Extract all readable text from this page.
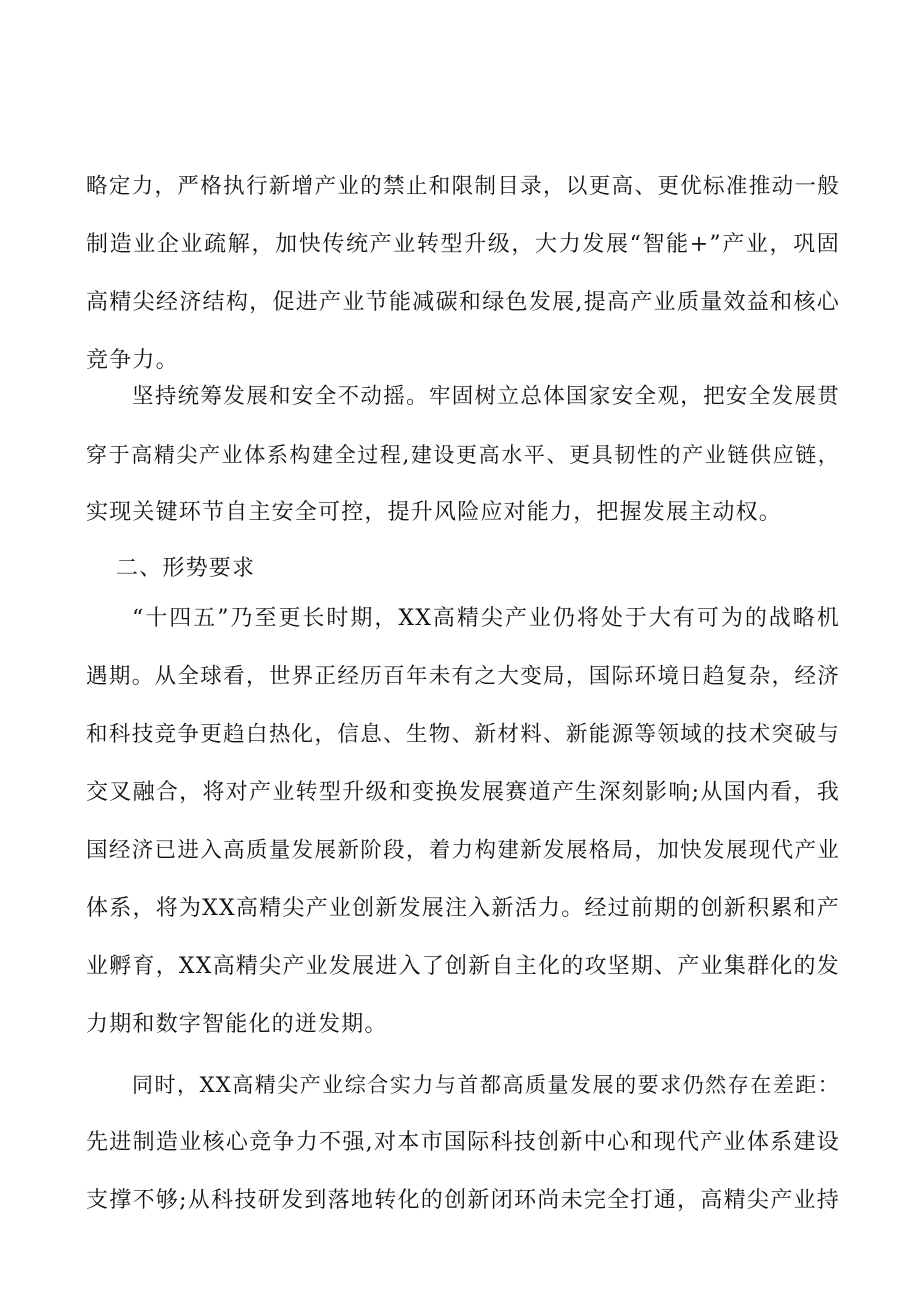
略定力，严格执行新增产业的禁止和限制目录，以更高、更优标准推动一般
制造业企业疏解，加快传统产业转型升级，大力发展“智能+”产业，巩固
高精尖经济结构，促进产业节能减碳和绿色发展,提高产业质量效益和核心
竞争力。
坚持统筹发展和安全不动摇。牢固树立总体国家安全观，把安全发展贯
穿于高精尖产业体系构建全过程,建设更高水平、更具韧性的产业链供应链，
实现关键环节自主安全可控，提升风险应对能力，把握发展主动权。
二、形势要求
“十四五”乃至更长时期，XX高精尖产业仍将处于大有可为的战略机
遇期。从全球看，世界正经历百年未有之大变局，国际环境日趋复杂，经济
和科技竞争更趋白热化，信息、生物、新材料、新能源等领域的技术突破与
交叉融合，将对产业转型升级和变换发展赛道产生深刻影响;从国内看，我
国经济已进入高质量发展新阶段，着力构建新发展格局，加快发展现代产业
体系，将为XX高精尖产业创新发展注入新活力。经过前期的创新积累和产
业孵育，XX高精尖产业发展进入了创新自主化的攻坚期、产业集群化的发
力期和数字智能化的迸发期。
同时，XX高精尖产业综合实力与首都高质量发展的要求仍然存在差距：
先进制造业核心竞争力不强,对本市国际科技创新中心和现代产业体系建设
支撑不够;从科技研发到落地转化的创新闭环尚未完全打通，高精尖产业持
